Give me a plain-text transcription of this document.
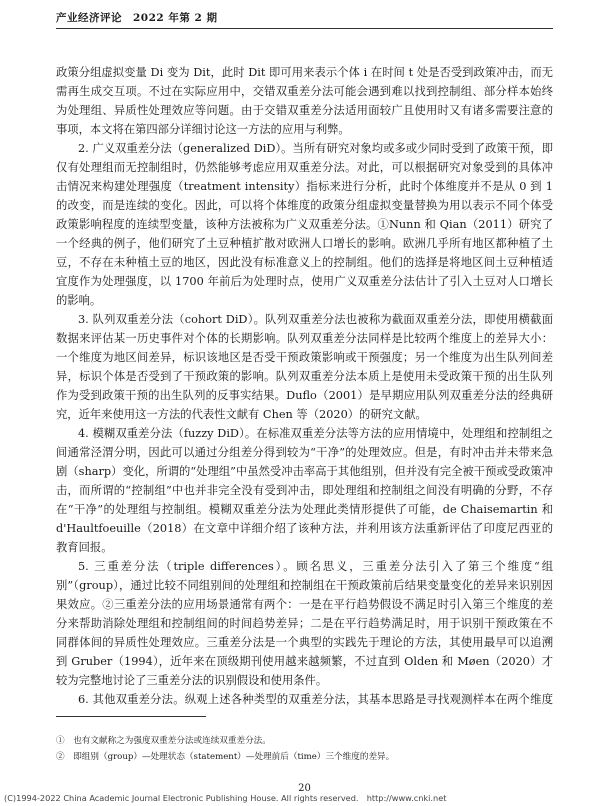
产业经济评论　2022 年第 2 期

政策分组虚拟变量 Di 变为 Dit，此时 Dit 即可用来表示个体 i 在时间 t 处是否受到政策冲击，而无需再生成交互项。不过在实际应用中，交错双重差分法可能会遇到难以找到控制组、部分样本始终为处理组、异质性处理效应等问题。由于交错双重差分法适用面较广且使用时又有诸多需要注意的事项，本文将在第四部分详细讨论这一方法的应用与利弊。

2. 广义双重差分法（generalized DiD）。当所有研究对象均或多或少同时受到了政策干预，即仅有处理组而无控制组时，仍然能够考虑应用双重差分法。对此，可以根据研究对象受到的具体冲击情况来构建处理强度（treatment intensity）指标来进行分析，此时个体维度并不是从 0 到 1 的改变，而是连续的变化。因此，可以将个体维度的政策分组虚拟变量替换为用以表示不同个体受政策影响程度的连续型变量，该种方法被称为广义双重差分法。①Nunn 和 Qian（2011）研究了一个经典的例子，他们研究了土豆种植扩散对欧洲人口增长的影响。欧洲几乎所有地区都种植了土豆，不存在未种植土豆的地区，因此没有标准意义上的控制组。他们的选择是将地区间土豆种植适宜度作为处理强度，以 1700 年前后为处理时点，使用广义双重差分法估计了引入土豆对人口增长的影响。

3. 队列双重差分法（cohort DiD）。队列双重差分法也被称为截面双重差分法，即使用横截面数据来评估某一历史事件对个体的长期影响。队列双重差分法同样是比较两个维度上的差异大小：一个维度为地区间差异，标识该地区是否受干预政策影响或干预强度；另一个维度为出生队列间差异，标识个体是否受到了干预政策的影响。队列双重差分法本质上是使用未受政策干预的出生队列作为受到政策干预的出生队列的反事实结果。Duflo（2001）是早期应用队列双重差分法的经典研究，近年来使用这一方法的代表性文献有 Chen 等（2020）的研究文献。

4. 模糊双重差分法（fuzzy DiD）。在标准双重差分法等方法的应用情境中，处理组和控制组之间通常泾渭分明，因此可以通过分组差分得到较为“干净”的处理效应。但是，有时冲击并未带来急剧（sharp）变化，所谓的“处理组”中虽然受冲击率高于其他组别，但并没有完全被干预或受政策冲击，而所谓的“控制组”中也并非完全没有受到冲击，即处理组和控制组之间没有明确的分野，不存在“干净”的处理组与控制组。模糊双重差分法为处理此类情形提供了可能，de Chaisemartin 和 d'Haultfoeuille（2018）在文章中详细介绍了该种方法，并利用该方法重新评估了印度尼西亚的教育回报。

5. 三重差分法（triple differences）。顾名思义，三重差分法引入了第三个维度“组别”（group），通过比较不同组别间的处理组和控制组在干预政策前后结果变量变化的差异来识别因果效应。②三重差分法的应用场景通常有两个：一是在平行趋势假设不满足时引入第三个维度的差分来帮助消除处理组和控制组间的时间趋势差异；二是在平行趋势满足时，用于识别干预政策在不同群体间的异质性处理效应。三重差分法是一个典型的实践先于理论的方法，其使用最早可以追溯到 Gruber（1994），近年来在顶级期刊使用越来越频繁，不过直到 Olden 和 Møen（2020）才较为完整地讨论了三重差分法的识别假设和使用条件。

6. 其他双重差分法。纵观上述各种类型的双重差分法，其基本思路是寻找观测样本在两个维度

①　也有文献称之为强度双重差分法或连续双重差分法。
②　即组别（group）—处理状态（statement）—处理前后（time）三个维度的差异。
20
(C)1994-2022 China Academic Journal Electronic Publishing House. All rights reserved.　http://www.cnki.net
